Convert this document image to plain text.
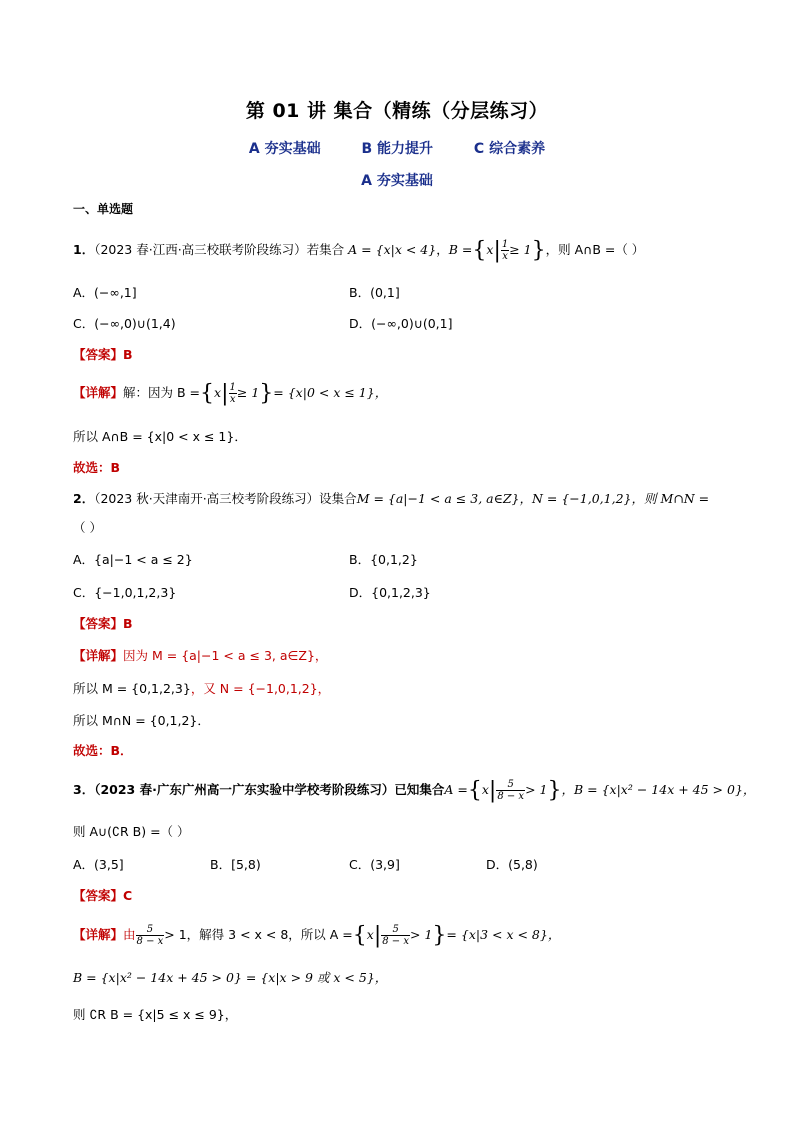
第 01 讲 集合（精练（分层练习）
A 夯实基础	B 能力提升	C 综合素养
A 夯实基础
一、单选题
1．（2023 春·江西·高三校联考阶段练习）若集合 A = {x|x < 4}，$B =\{x| \frac{1}{x} \ge 1\}$，则 A∩B =（ ）
A．(−∞,1]	B．(0,1]
C．(−∞,0)∪(1,4)	D．(−∞,0)∪(0,1]
【答案】B
【详解】解：因为 $B =\{x| \frac{1}{x} \ge 1\}= \{x|0 < x \le 1\}$，
所以 A∩B = {x|0 < x ≤ 1}．
故选：B
2．（2023 秋·天津南开·高三校考阶段练习）设集合M = {a|−1 < a ≤ 3, a∈Z}，N = {−1,0,1,2}，则 M∩N =
（ ）
A．{a|−1 < a ≤ 2}	B．{0,1,2}
C．{−1,0,1,2,3}	D．{0,1,2,3}
【答案】B
【详解】因为 M = {a|−1 < a ≤ 3, a∈Z}，
所以 M = {0,1,2,3}，又 N = {−1,0,1,2}，
所以 M∩N = {0,1,2}．
故选：B．
3．（2023 春·广东广州高一广东实验中学校考阶段练习）已知集合$A =\{x| \frac{5}{8 - x} > 1\}$，B = {x|x² − 14x + 45 > 0}，
则 A∪(∁R B) =（ ）
A．(3,5]	B．[5,8)	C．(3,9]	D．(5,8)
【答案】C
【详解】由 $\frac{5}{8 - x} > 1$，解得 3 < x < 8，所以 $A =\{x| \frac{5}{8 - x} > 1\}= \{x|3 < x < 8\}$，
B = {x|x² − 14x + 45 > 0} = {x|x > 9 或 x < 5}，
则 ∁R B = {x|5 ≤ x ≤ 9}，
